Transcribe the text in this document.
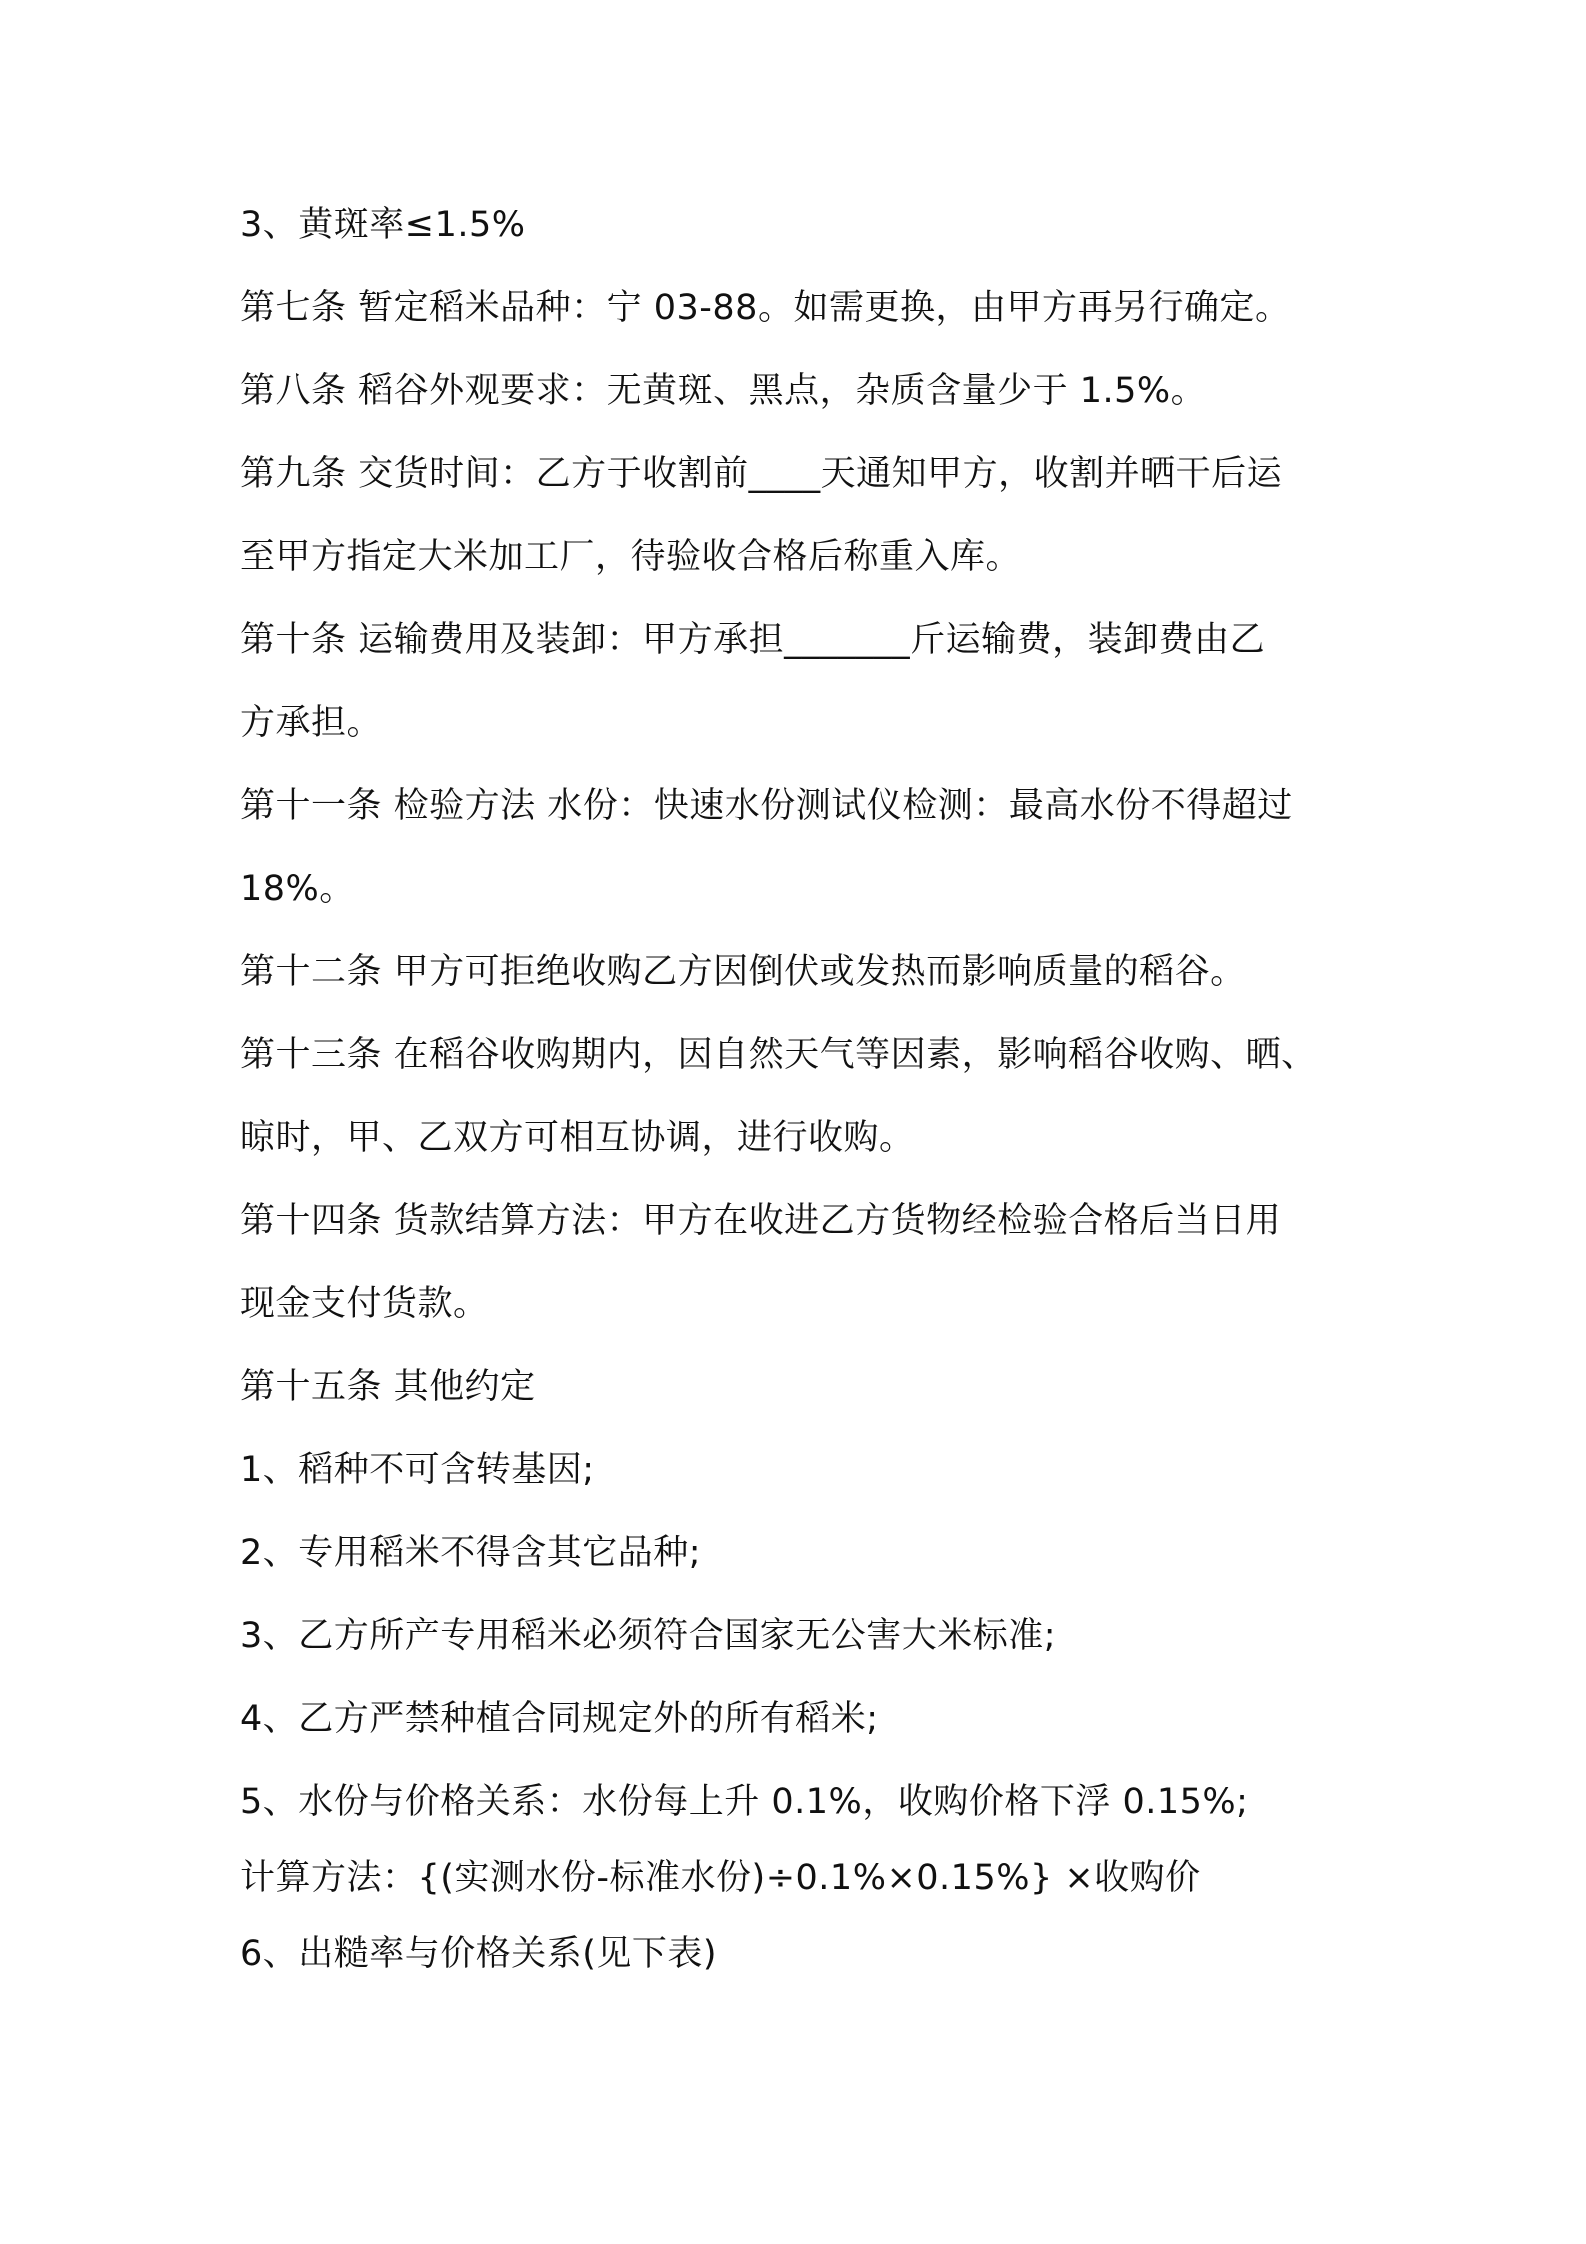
3、黄斑率≤1.5%
第七条 暂定稻米品种：宁 03-88。如需更换，由甲方再另行确定。
第八条 稻谷外观要求：无黄斑、黑点，杂质含量少于 1.5%。
第九条 交货时间：乙方于收割前____天通知甲方，收割并晒干后运
至甲方指定大米加工厂，待验收合格后称重入库。
第十条 运输费用及装卸：甲方承担_______斤运输费，装卸费由乙
方承担。
第十一条 检验方法 水份：快速水份测试仪检测：最高水份不得超过
18%。
第十二条 甲方可拒绝收购乙方因倒伏或发热而影响质量的稻谷。
第十三条 在稻谷收购期内，因自然天气等因素，影响稻谷收购、晒、
晾时，甲、乙双方可相互协调，进行收购。
第十四条 货款结算方法：甲方在收进乙方货物经检验合格后当日用
现金支付货款。
第十五条 其他约定
1、稻种不可含转基因;
2、专用稻米不得含其它品种;
3、乙方所产专用稻米必须符合国家无公害大米标准;
4、乙方严禁种植合同规定外的所有稻米;
5、水份与价格关系：水份每上升 0.1%，收购价格下浮 0.15%;
计算方法：{(实测水份-标准水份)÷0.1%×0.15%} ×收购价
6、出糙率与价格关系(见下表)
